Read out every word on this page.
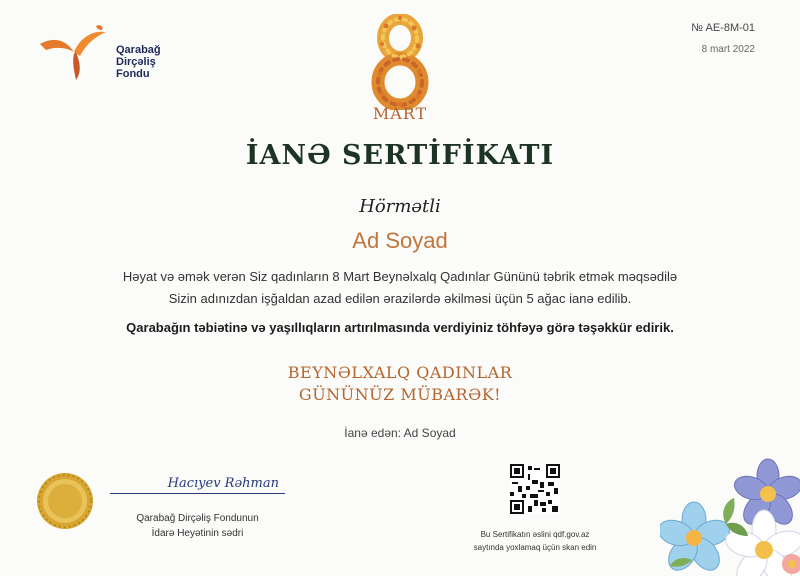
Qarabağ
Dirçəliş
Fondu
№ AE-8M-01
8 mart 2022
MART
İANƏ SERTİFİKATI
Hörmətli
Ad Soyad
Həyat və əmək verən Siz qadınların 8 Mart Beynəlxalq Qadınlar Gününü təbrik etmək məqsədilə
Sizin adınızdan işğaldan azad edilən ərazilərdə əkilməsi üçün 5 ağac ianə edilib.
Qarabağın təbiətinə və yaşıllıqların artırılmasında verdiyiniz töhfəyə görə təşəkkür edirik.
BEYNƏLXALQ QADINLAR
GÜNÜNÜZ MÜBARƏK!
İanə edən: Ad Soyad
Hacıyev Rəhman
Qarabağ Dirçəliş Fondunun
İdarə Heyətinin sədri	Bu Sertifikatın əslini qdf.gov.az
saytında yoxlamaq üçün skan edin
